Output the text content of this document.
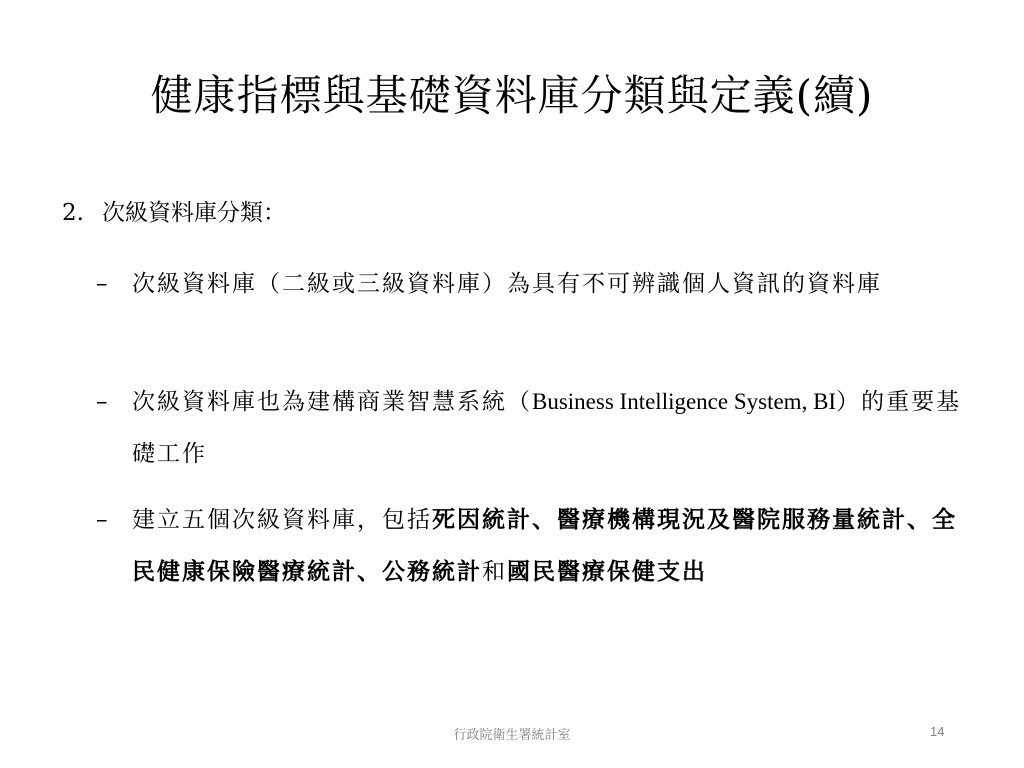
健康指標與基礎資料庫分類與定義(續)
2. 次級資料庫分類：
–	次級資料庫（二級或三級資料庫）為具有不可辨識個人資訊的資料庫
–	次級資料庫也為建構商業智慧系統（Business Intelligence System, BI）的重要基礎工作
–	建立五個次級資料庫，包括死因統計、醫療機構現況及醫院服務量統計、全民健康保險醫療統計、公務統計和國民醫療保健支出
行政院衛生署統計室	14
